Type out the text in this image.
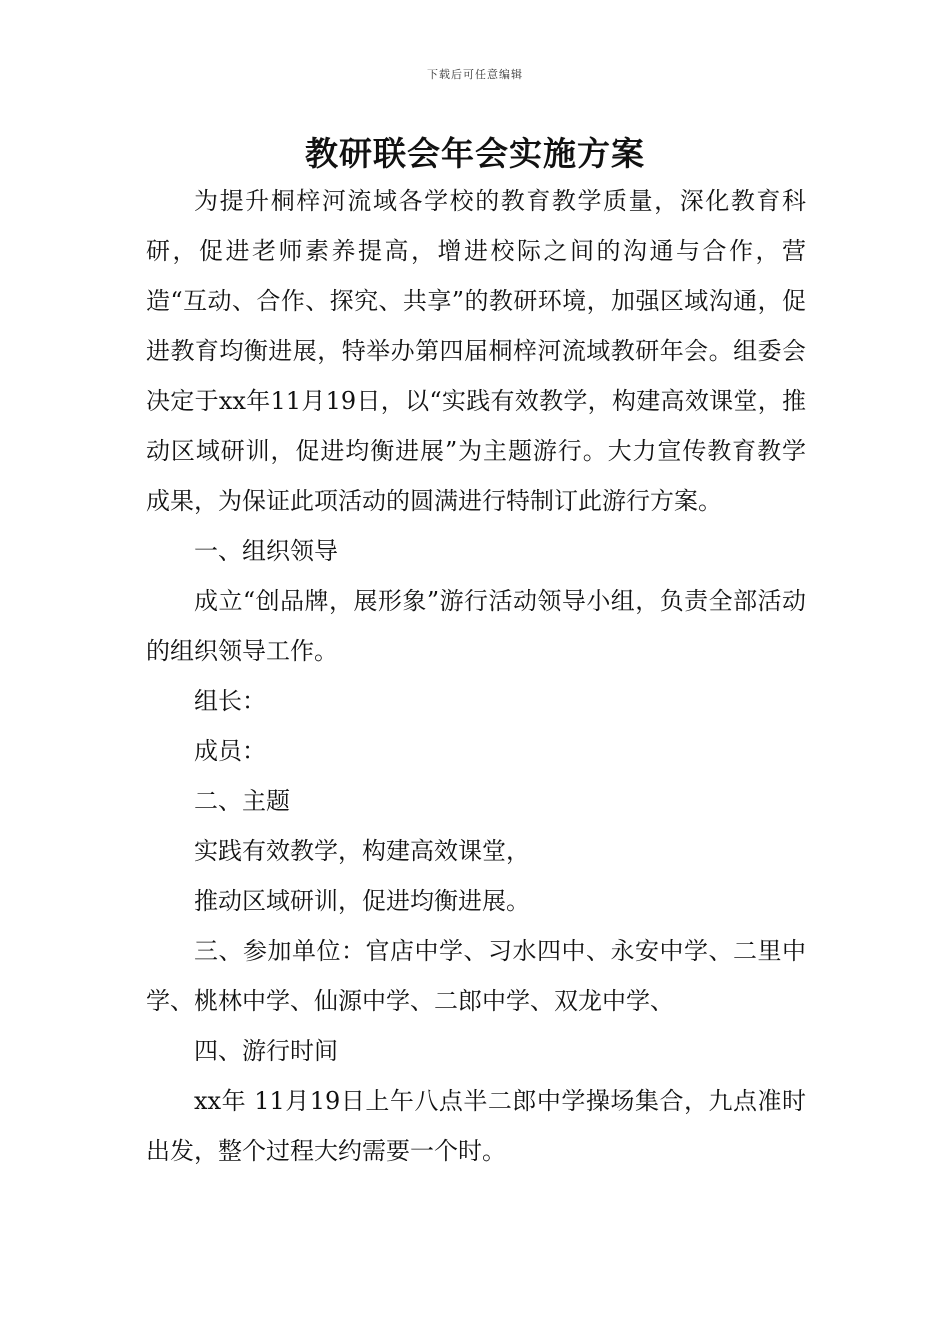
下载后可任意编辑
教研联会年会实施方案

为提升桐梓河流域各学校的教育教学质量，深化教育科研，促进老师素养提高，增进校际之间的沟通与合作，营造“互动、合作、探究、共享”的教研环境，加强区域沟通，促进教育均衡进展，特举办第四届桐梓河流域教研年会。组委会决定于xx年11月19日，以“实践有效教学，构建高效课堂，推动区域研训，促进均衡进展”为主题游行。大力宣传教育教学成果，为保证此项活动的圆满进行特制订此游行方案。

一、组织领导

成立“创品牌，展形象”游行活动领导小组，负责全部活动的组织领导工作。

组长：

成员：

二、主题

实践有效教学，构建高效课堂，

推动区域研训，促进均衡进展。

三、参加单位：官店中学、习水四中、永安中学、二里中学、桃林中学、仙源中学、二郎中学、双龙中学、

四、游行时间

xx年 11月19日上午八点半二郎中学操场集合，九点准时出发，整个过程大约需要一个时。
